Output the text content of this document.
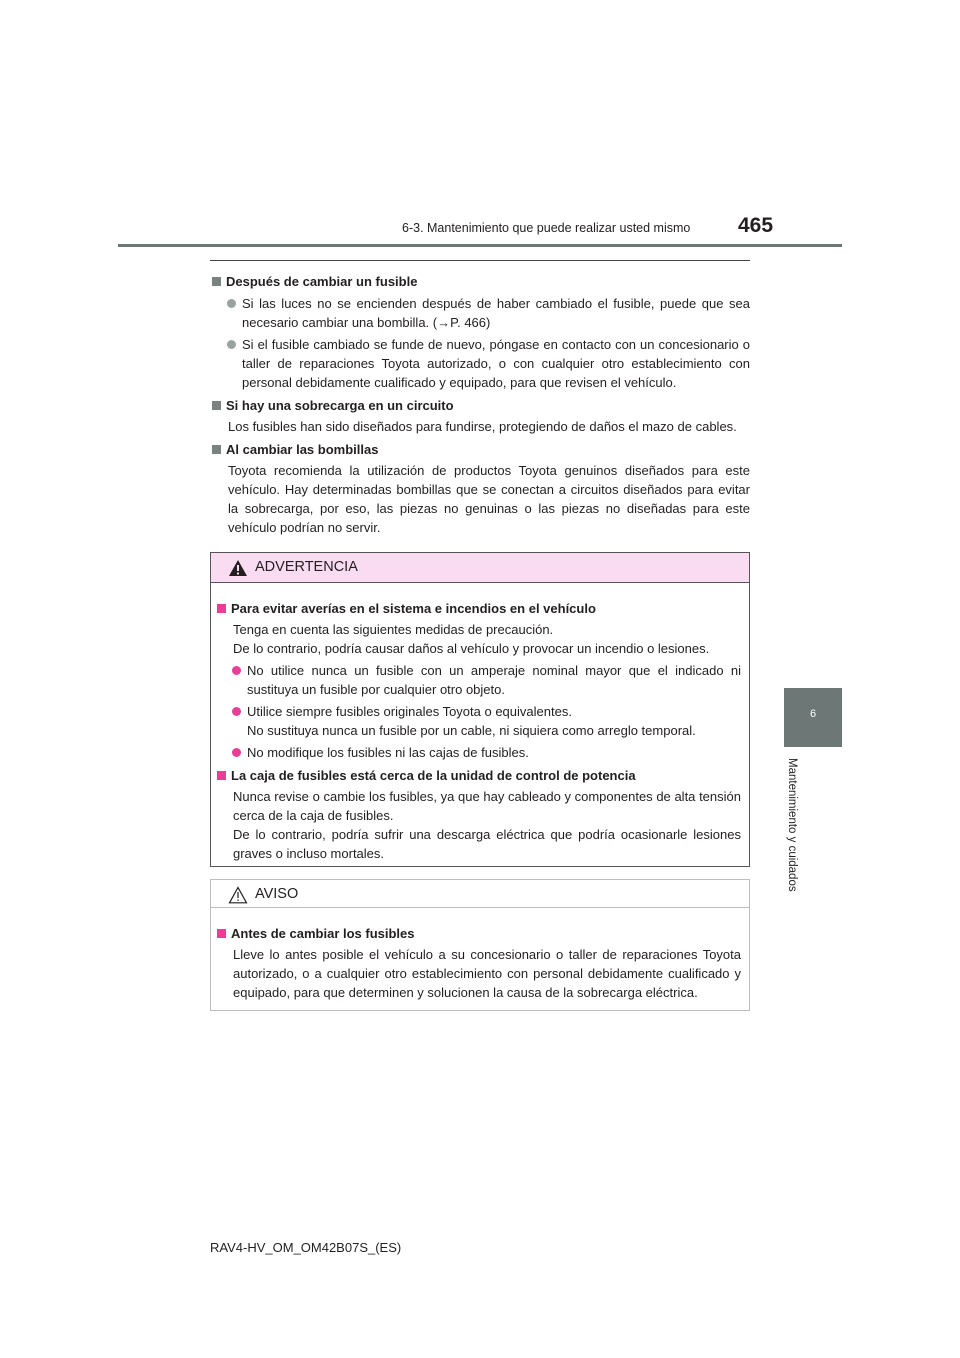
6-3. Mantenimiento que puede realizar usted mismo 465
6
Mantenimiento y cuidados
Después de cambiar un fusible
Si las luces no se encienden después de haber cambiado el fusible, puede que sea necesario cambiar una bombilla. (→P. 466)
Si el fusible cambiado se funde de nuevo, póngase en contacto con un concesionario o taller de reparaciones Toyota autorizado, o con cualquier otro establecimiento con personal debidamente cualificado y equipado, para que revisen el vehículo.
Si hay una sobrecarga en un circuito
Los fusibles han sido diseñados para fundirse, protegiendo de daños el mazo de cables.
Al cambiar las bombillas
Toyota recomienda la utilización de productos Toyota genuinos diseñados para este vehículo. Hay determinadas bombillas que se conectan a circuitos diseñados para evitar la sobrecarga, por eso, las piezas no genuinas o las piezas no diseñadas para este vehículo podrían no servir.
ADVERTENCIA
Para evitar averías en el sistema e incendios en el vehículo
Tenga en cuenta las siguientes medidas de precaución.
De lo contrario, podría causar daños al vehículo y provocar un incendio o lesiones.
No utilice nunca un fusible con un amperaje nominal mayor que el indicado ni sustituya un fusible por cualquier otro objeto.
Utilice siempre fusibles originales Toyota o equivalentes.
No sustituya nunca un fusible por un cable, ni siquiera como arreglo temporal.
No modifique los fusibles ni las cajas de fusibles.
La caja de fusibles está cerca de la unidad de control de potencia
Nunca revise o cambie los fusibles, ya que hay cableado y componentes de alta tensión cerca de la caja de fusibles.
De lo contrario, podría sufrir una descarga eléctrica que podría ocasionarle lesiones graves o incluso mortales.
AVISO
Antes de cambiar los fusibles
Lleve lo antes posible el vehículo a su concesionario o taller de reparaciones Toyota autorizado, o a cualquier otro establecimiento con personal debidamente cualificado y equipado, para que determinen y solucionen la causa de la sobrecarga eléctrica.
RAV4-HV_OM_OM42B07S_(ES)
